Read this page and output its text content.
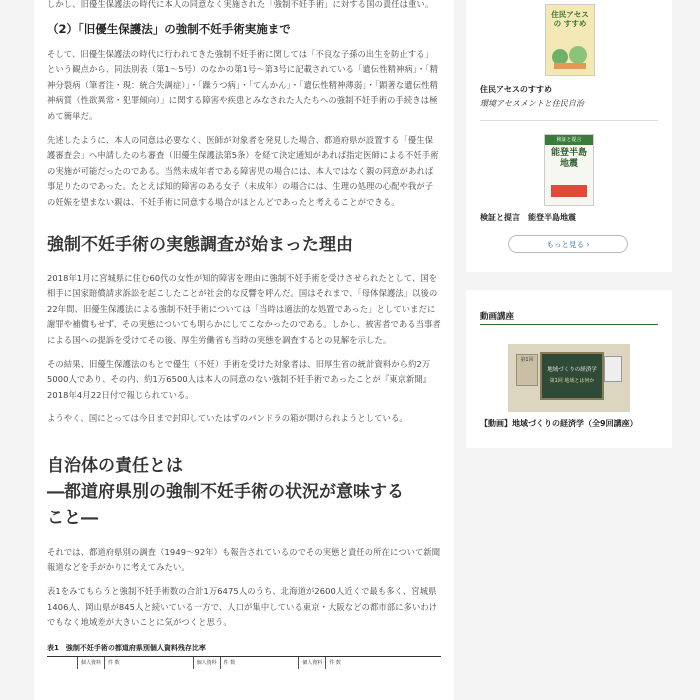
しかし、旧優生保護法の時代に本人の同意なく実施された「強制不妊手術」に対する国の責任は重い。

（2）「旧優生保護法」の強制不妊手術実施まで

そして、旧優生保護法の時代に行われてきた強制不妊手術に関しては「不良な子孫の出生を防止する」という観点から、同法別表（第1〜5号）のなかの第1号〜第3号に記載されている「遺伝性精神病」・「精神分裂病（筆者注・現：統合失調症）」・「躁うつ病」・「てんかん」・「遺伝性精神薄弱」・「顕著な遺伝性精神病質（性欲異常・犯罪傾向）」に関する障害や疾患とみなされた人たちへの強制不妊手術の手続きは極めて簡単だ。

先述したように、本人の同意は必要なく、医師が対象者を発見した場合、都道府県が設置する「優生保護審査会」へ申請したのち審査（旧優生保護法第5条）を経て決定通知があれば指定医師による不妊手術の実施が可能だったのである。当然未成年者である障害児の場合には、本人ではなく親の同意があれば事足りたのであった。たとえば知的障害のある女子（未成年）の場合には、生理の処理の心配や我が子の妊娠を望まない親は、不妊手術に同意する場合がほとんどであったと考えることができる。

強制不妊手術の実態調査が始まった理由

2018年1月に宮城県に住む60代の女性が知的障害を理由に強制不妊手術を受けさせられたとして、国を相手に国家賠償請求訴訟を起こしたことが社会的な反響を呼んだ。国はそれまで、「母体保護法」以後の22年間、旧優生保護法による強制不妊手術については「当時は適法的な処置であった」としていまだに謝罪や補償もせず、その実態についても明らかにしてこなかったのである。しかし、被害者である当事者による国への提訴を受けてその後、厚生労働省も当時の実態を調査するとの見解を示した。

その結果、旧優生保護法のもとで優生（不妊）手術を受けた対象者は、旧厚生省の統計資料から約2万5000人であり、その内、約1万6500人は本人の同意のない強制不妊手術であったことが『東京新聞』2018年4月22日付で報じられている。

ようやく、国にとっては今日まで封印していたはずのパンドラの箱が開けられようとしている。

自治体の責任とは
―都道府県別の強制不妊手術の状況が意味する
こと―

それでは、都道府県別の調査（1949〜92年）も報告されているのでその実態と責任の所在について新聞報道などを手がかりに考えてみたい。

表1をみてもらうと強制不妊手術数の合計1万6475人のうち、北海道が2600人近くで最も多く、宮城県1406人、岡山県が845人と続いている一方で、人口が集中している東京・大阪などの都市部に多いわけでもなく地域差が大きいことに気がつくと思う。

表1　強制不妊手術の都道府県別個人資料残存比率
個人資料	件 数	個人資料	件 数	個人資料	件 数
住民アセスの すすめ
住民アセスのすすめ
環境アセスメントと住民自治
検証と提言
能登半島 地震
検証と提言　能登半島地震
もっと見る ›
動画講座
第1回
地域づくりの経済学
第1回 地域とは何か
【動画】地域づくりの経済学（全9回講座）
